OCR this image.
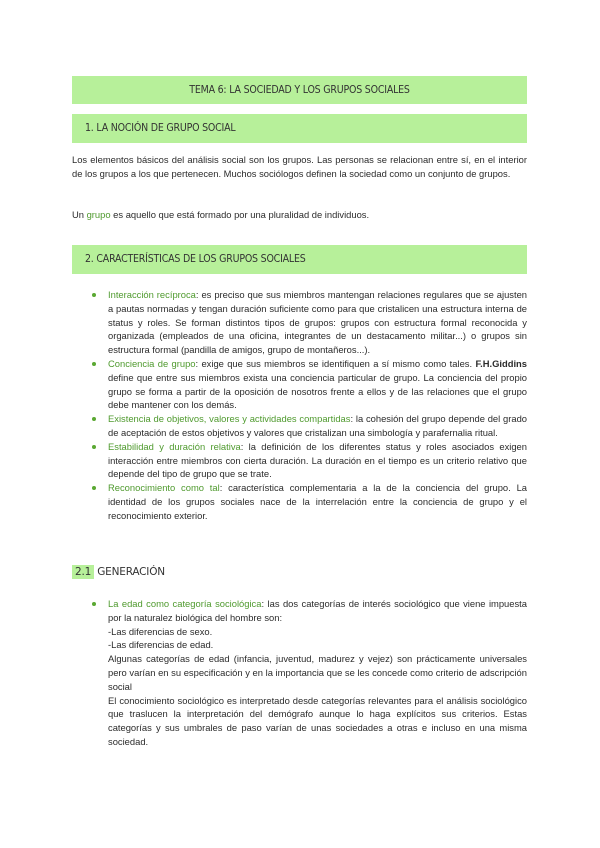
TEMA 6: LA SOCIEDAD Y LOS GRUPOS SOCIALES
1. LA NOCIÓN DE GRUPO SOCIAL

Los elementos básicos del análisis social son los grupos. Las personas se relacionan entre sí, en el interior de los grupos a los que pertenecen. Muchos sociólogos definen la sociedad como un conjunto de grupos.

Un grupo es aquello que está formado por una pluralidad de individuos.

2. CARACTERÍSTICAS DE LOS GRUPOS SOCIALES
Interacción recíproca: es preciso que sus miembros mantengan relaciones regulares que se ajusten a pautas normadas y tengan duración suficiente como para que cristalicen una estructura interna de status y roles. Se forman distintos tipos de grupos: grupos con estructura formal reconocida y organizada (empleados de una oficina, integrantes de un destacamento militar...) o grupos sin estructura formal (pandilla de amigos, grupo de montañeros...).
Conciencia de grupo: exige que sus miembros se identifiquen a sí mismo como tales. F.H.Giddins define que entre sus miembros exista una conciencia particular de grupo. La conciencia del propio grupo se forma a partir de la oposición de nosotros frente a ellos y de las relaciones que el grupo debe mantener con los demás.
Existencia de objetivos, valores y actividades compartidas: la cohesión del grupo depende del grado de aceptación de estos objetivos y valores que cristalizan una simbología y parafernalia ritual.
Estabilidad y duración relativa: la definición de los diferentes status y roles asociados exigen interacción entre miembros con cierta duración. La duración en el tiempo es un criterio relativo que depende del tipo de grupo que se trate.
Reconocimiento como tal: característica complementaria a la de la conciencia del grupo. La identidad de los grupos sociales nace de la interrelación entre la conciencia de grupo y el reconocimiento exterior.
2.1 GENERACIÓN
La edad como categoría sociológica: las dos categorías de interés sociológico que viene impuesta por la naturalez biológica del hombre son:
-Las diferencias de sexo.
-Las diferencias de edad.
Algunas categorías de edad (infancia, juventud, madurez y vejez) son prácticamente universales pero varían en su especificación y en la importancia que se les concede como criterio de adscripción social
El conocimiento sociológico es interpretado desde categorías relevantes para el análisis sociológico que traslucen la interpretación del demógrafo aunque lo haga explícitos sus criterios. Estas categorías y sus umbrales de paso varían de unas sociedades a otras e incluso en una misma sociedad.
